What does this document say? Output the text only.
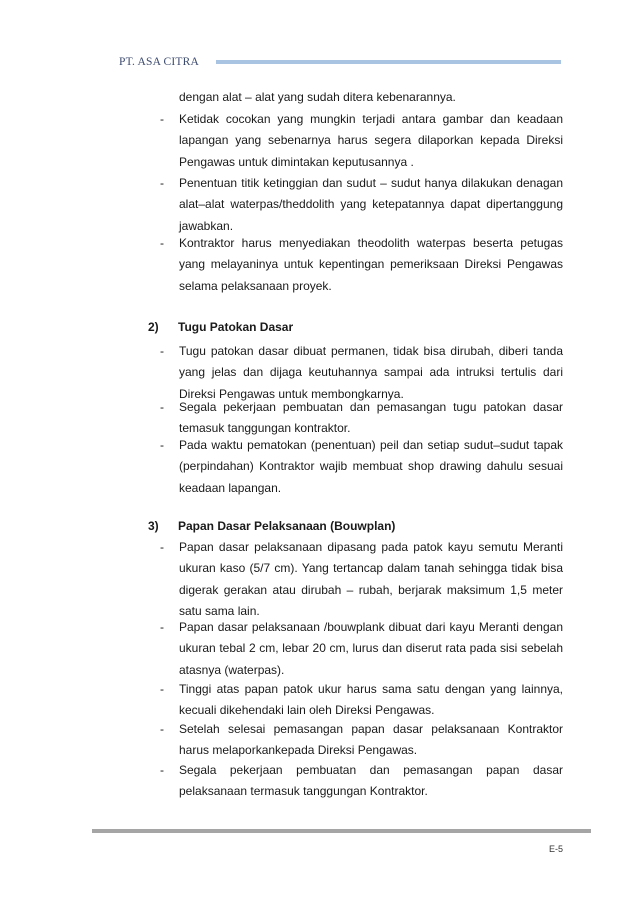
PT. ASA CITRA
dengan alat – alat yang sudah ditera kebenarannya.
-	Ketidak cocokan yang mungkin terjadi antara gambar dan keadaan lapangan yang sebenarnya harus segera dilaporkan kepada Direksi Pengawas untuk dimintakan keputusannya .
-	Penentuan titik ketinggian dan sudut – sudut hanya dilakukan denagan alat–alat waterpas/theddolith yang ketepatannya dapat dipertanggung jawabkan.
-	Kontraktor harus menyediakan theodolith waterpas beserta petugas yang melayaninya untuk kepentingan pemeriksaan Direksi Pengawas selama pelaksanaan proyek.
2) Tugu Patokan Dasar
-	Tugu patokan dasar dibuat permanen, tidak bisa dirubah, diberi tanda yang jelas dan dijaga keutuhannya sampai ada intruksi tertulis dari Direksi Pengawas untuk membongkarnya.
-	Segala pekerjaan pembuatan dan pemasangan tugu patokan dasar temasuk tanggungan kontraktor.
-	Pada waktu pematokan (penentuan) peil dan setiap sudut–sudut tapak (perpindahan) Kontraktor wajib membuat shop drawing dahulu sesuai keadaan lapangan.
3) Papan Dasar Pelaksanaan (Bouwplan)
-	Papan dasar pelaksanaan dipasang pada patok kayu semutu Meranti ukuran kaso (5/7 cm). Yang tertancap dalam tanah sehingga tidak bisa digerak gerakan atau dirubah – rubah, berjarak maksimum 1,5 meter satu sama lain.
-	Papan dasar pelaksanaan /bouwplank dibuat dari kayu Meranti dengan ukuran tebal 2 cm, lebar 20 cm, lurus dan diserut rata pada sisi sebelah atasnya (waterpas).
-	Tinggi atas papan patok ukur harus sama satu dengan yang lainnya, kecuali dikehendaki lain oleh Direksi Pengawas.
-	Setelah selesai pemasangan papan dasar pelaksanaan Kontraktor harus melaporkankepada Direksi Pengawas.
-	Segala pekerjaan pembuatan dan pemasangan papan dasar pelaksanaan termasuk tanggungan Kontraktor.
E-5
